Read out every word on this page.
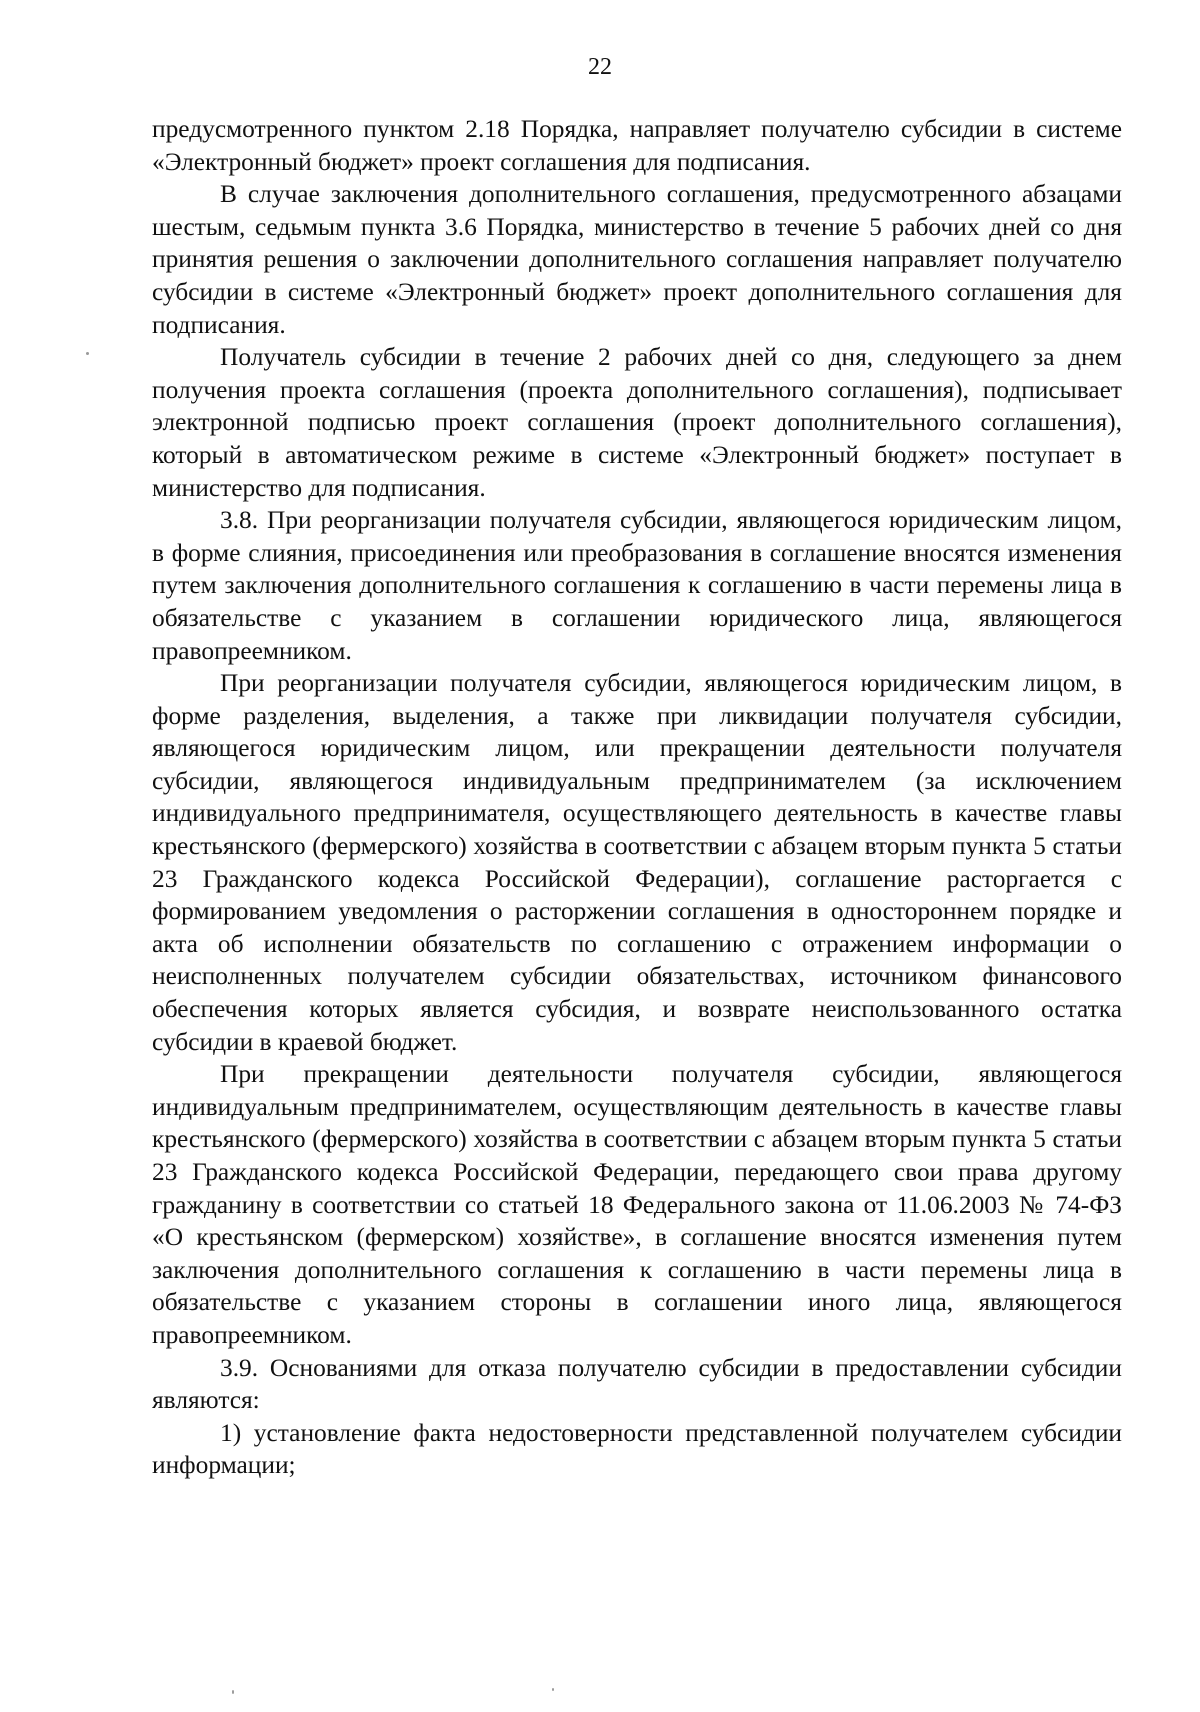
22

предусмотренного пунктом 2.18 Порядка, направляет получателю субсидии в системе «Электронный бюджет» проект соглашения для подписания.

В случае заключения дополнительного соглашения, предусмотренного абзацами шестым, седьмым пункта 3.6 Порядка, министерство в течение 5 рабочих дней со дня принятия решения о заключении дополнительного соглашения направляет получателю субсидии в системе «Электронный бюджет» проект дополнительного соглашения для подписания.

Получатель субсидии в течение 2 рабочих дней со дня, следующего за днем получения проекта соглашения (проекта дополнительного соглашения), подписывает электронной подписью проект соглашения (проект дополнительного соглашения), который в автоматическом режиме в системе «Электронный бюджет» поступает в министерство для подписания.

3.8. При реорганизации получателя субсидии, являющегося юридическим лицом, в форме слияния, присоединения или преобразования в соглашение вносятся изменения путем заключения дополнительного соглашения к соглашению в части перемены лица в обязательстве с указанием в соглашении юридического лица, являющегося правопреемником.

При реорганизации получателя субсидии, являющегося юридическим лицом, в форме разделения, выделения, а также при ликвидации получателя субсидии, являющегося юридическим лицом, или прекращении деятельности получателя субсидии, являющегося индивидуальным предпринимателем (за исключением индивидуального предпринимателя, осуществляющего деятельность в качестве главы крестьянского (фермерского) хозяйства в соответствии с абзацем вторым пункта 5 статьи 23 Гражданского кодекса Российской Федерации), соглашение расторгается с формированием уведомления о расторжении соглашения в одностороннем порядке и акта об исполнении обязательств по соглашению с отражением информации о неисполненных получателем субсидии обязательствах, источником финансового обеспечения которых является субсидия, и возврате неиспользованного остатка субсидии в краевой бюджет.

При прекращении деятельности получателя субсидии, являющегося индивидуальным предпринимателем, осуществляющим деятельность в качестве главы крестьянского (фермерского) хозяйства в соответствии с абзацем вторым пункта 5 статьи 23 Гражданского кодекса Российской Федерации, передающего свои права другому гражданину в соответствии со статьей 18 Федерального закона от 11.06.2003 № 74-ФЗ «О крестьянском (фермерском) хозяйстве», в соглашение вносятся изменения путем заключения дополнительного соглашения к соглашению в части перемены лица в обязательстве с указанием стороны в соглашении иного лица, являющегося правопреемником.

3.9. Основаниями для отказа получателю субсидии в предоставлении субсидии являются:

1) установление факта недостоверности представленной получателем субсидии информации;
